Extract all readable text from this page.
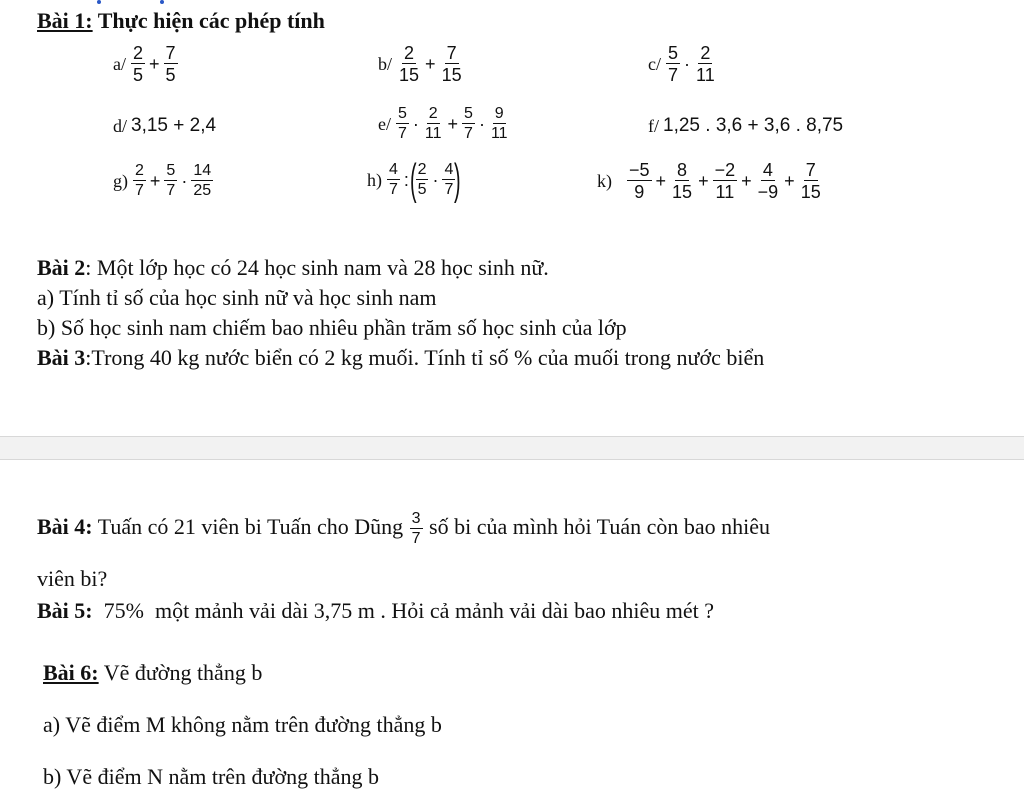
Bài 1: Thực hiện các phép tính
$a/ \frac{2}{5} + \frac{7}{5}$	$b/ \frac{2}{15} + \frac{7}{15}$	$c/ \frac{5}{7} \cdot \frac{2}{11}$
d/ 3,15 + 2,4	$e/ \frac{5}{7} \cdot \frac{2}{11} + \frac{5}{7} \cdot \frac{9}{11}$	f/ 1,25 . 3,6 + 3,6 . 8,75
$g) \frac{2}{7} + \frac{5}{7} \cdot \frac{14}{25}$	$h) \frac{4}{7}$ :( $\frac{2}{5} \cdot \frac{4}{7}$ )	$k) \frac{-5}{9} + \frac{8}{15} + \frac{-2}{11} + \frac{4}{-9} + \frac{7}{15}$
Bài 2: Một lớp học có 24 học sinh nam và 28 học sinh nữ.
a) Tính tỉ số của học sinh nữ và học sinh nam
b) Số học sinh nam chiếm bao nhiêu phần trăm số học sinh của lớp
Bài 3:Trong 40 kg nước biển có 2 kg muối. Tính tỉ số % của muối trong nước biển
Bài 4: Tuấn có 21 viên bi Tuấn cho Dũng $\frac{3}{7}$ số bi của mình hỏi Tuán còn bao nhiêu
viên bi?
Bài 5:  75%  một mảnh vải dài 3,75 m . Hỏi cả mảnh vải dài bao nhiêu mét ?
Bài 6: Vẽ đường thẳng b
a) Vẽ điểm M không nằm trên đường thẳng b
b) Vẽ điểm N nằm trên đường thẳng b
